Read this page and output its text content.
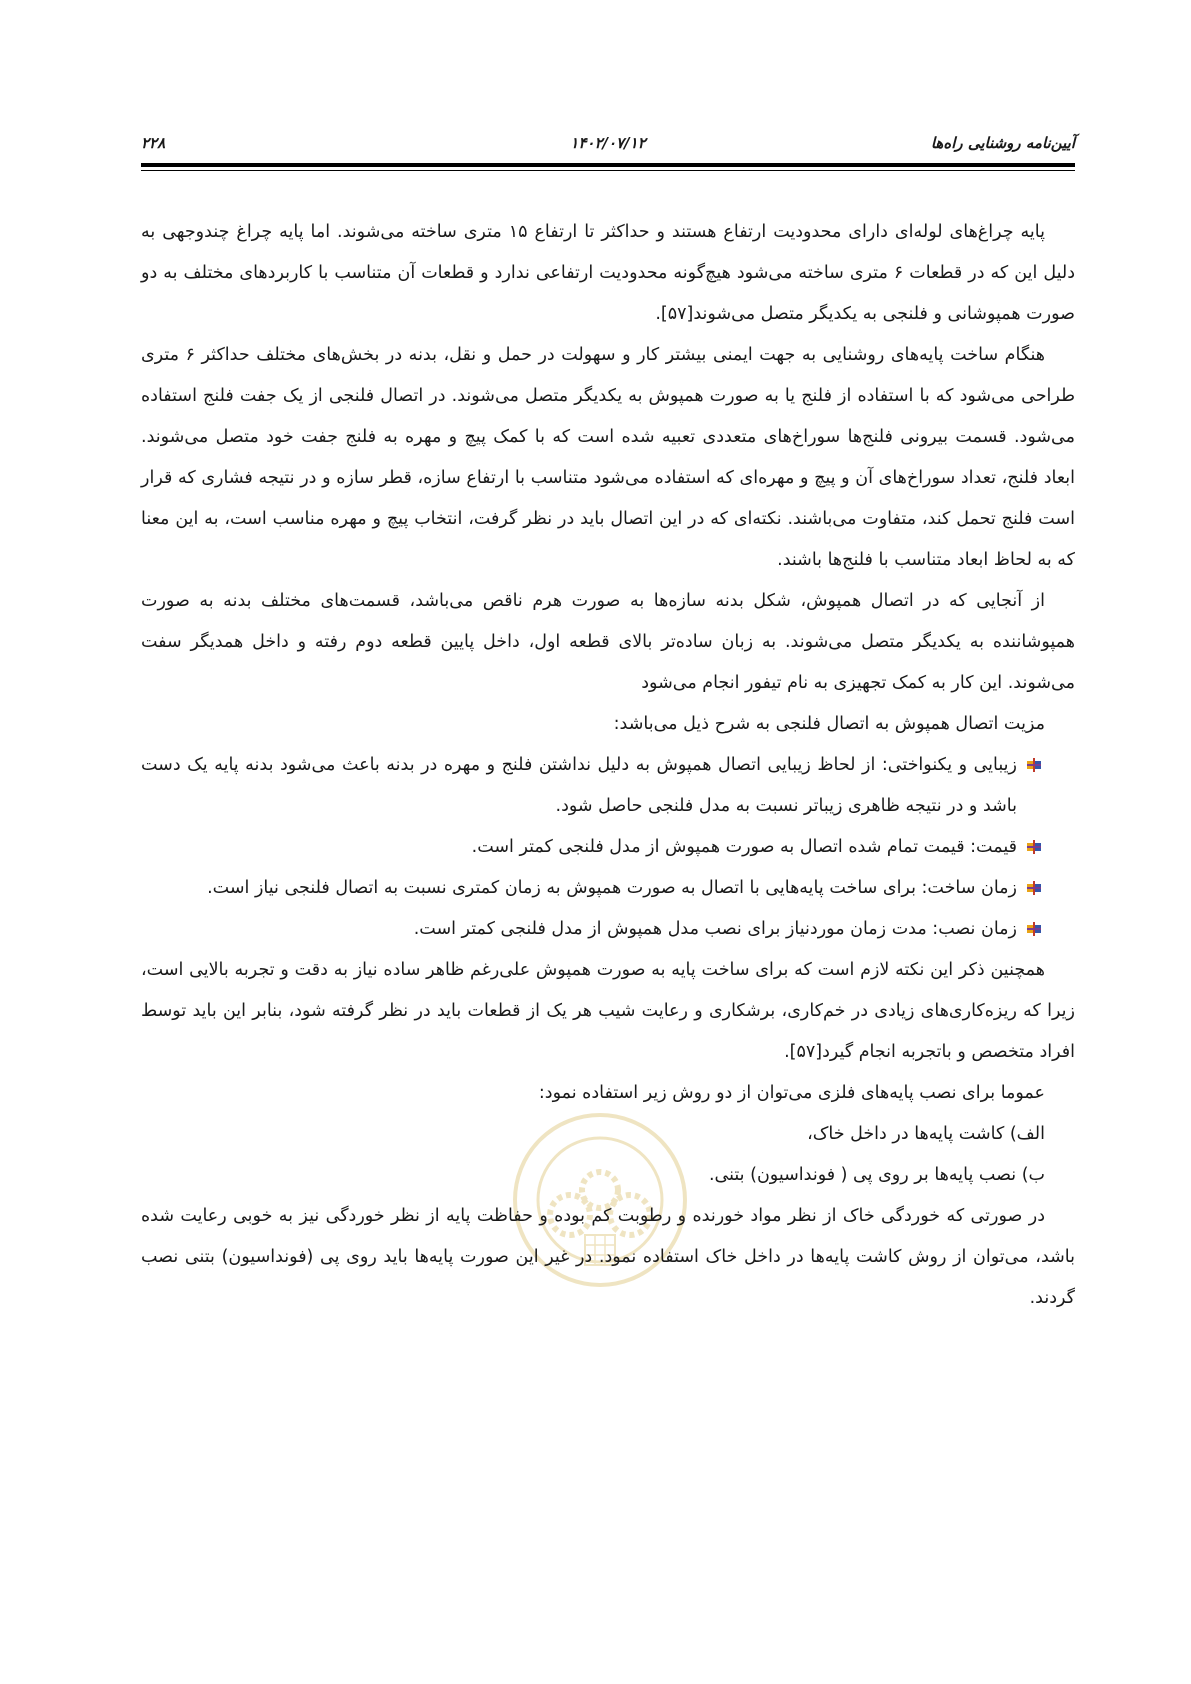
۲۲۸	۱۴۰۲/۰۷/۱۲	آیین‌نامه روشنایی راه‌ها

پایه چراغ‌های لوله‌ای دارای محدودیت ارتفاع هستند و حداکثر تا ارتفاع ۱۵ متری ساخته می‌شوند. اما پایه چراغ چندوجهی به دلیل این که در قطعات ۶ متری ساخته می‌شود هیچ‌گونه محدودیت ارتفاعی ندارد و قطعات آن متناسب با کاربردهای مختلف به دو صورت همپوشانی و فلنجی به یکدیگر متصل می‌شوند[۵۷].

هنگام ساخت پایه‌های روشنایی به جهت ایمنی بیشتر کار و سهولت در حمل و نقل، بدنه در بخش‌های مختلف حداکثر ۶ متری طراحی می‌شود که با استفاده از فلنج یا به صورت همپوش به یکدیگر متصل می‌شوند. در اتصال فلنجی از یک جفت فلنج استفاده می‌شود. قسمت بیرونی فلنج‌ها سوراخ‌های متعددی تعبیه شده است که با کمک پیچ و مهره به فلنج جفت خود متصل می‌شوند. ابعاد فلنج، تعداد سوراخ‌های آن و پیچ و مهره‌ای که استفاده می‌شود متناسب با ارتفاع سازه، قطر سازه و در نتیجه فشاری که قرار است فلنج تحمل کند، متفاوت می‌باشند. نکته‌ای که در این اتصال باید در نظر گرفت، انتخاب پیچ و مهره مناسب است، به این معنا که به لحاظ ابعاد متناسب با فلنج‌ها باشند.

از آنجایی که در اتصال همپوش، شکل بدنه سازه‌ها به صورت هرم ناقص می‌باشد، قسمت‌های مختلف بدنه به صورت همپوشاننده به یکدیگر متصل می‌شوند. به زبان ساده‌تر بالای قطعه اول، داخل پایین قطعه دوم رفته و داخل همدیگر سفت می‌شوند. این کار به کمک تجهیزی به نام تیفور انجام می‌شود

مزیت اتصال همپوش به اتصال فلنجی به شرح ذیل می‌باشد:

زیبایی و یکنواختی: از لحاظ زیبایی اتصال همپوش به دلیل نداشتن فلنج و مهره در بدنه باعث می‌شود بدنه پایه یک دست باشد و در نتیجه ظاهری زیباتر نسبت به مدل فلنجی حاصل شود.
قیمت: قیمت تمام شده اتصال به صورت همپوش از مدل فلنجی کمتر است.
زمان ساخت: برای ساخت پایه‌هایی با اتصال به صورت همپوش به زمان کمتری نسبت به اتصال فلنجی نیاز است.
زمان نصب: مدت زمان موردنیاز برای نصب مدل همپوش از مدل فلنجی کمتر است.

همچنین ذکر این نکته لازم است که برای ساخت پایه به صورت همپوش علی‌رغم ظاهر ساده نیاز به دقت و تجربه بالایی است، زیرا که ریزه‌کاری‌های زیادی در خم‌کاری، برشکاری و رعایت شیب هر یک از قطعات باید در نظر گرفته شود، بنابر این باید توسط افراد متخصص و باتجربه انجام گیرد[۵۷].

عموما برای نصب پایه‌های فلزی می‌توان از دو روش زیر استفاده نمود:

الف) کاشت پایه‌ها در داخل خاک،

ب) نصب پایه‌ها بر روی پی ( فونداسیون) بتنی.

در صورتی که خوردگی خاک از نظر مواد خورنده و رطوبت کم بوده و حفاظت پایه از نظر خوردگی نیز به خوبی رعایت شده باشد، می‌توان از روش کاشت پایه‌ها در داخل خاک استفاده نمود. در غیر این صورت پایه‌ها باید روی پی (فونداسیون) بتنی نصب گردند.
